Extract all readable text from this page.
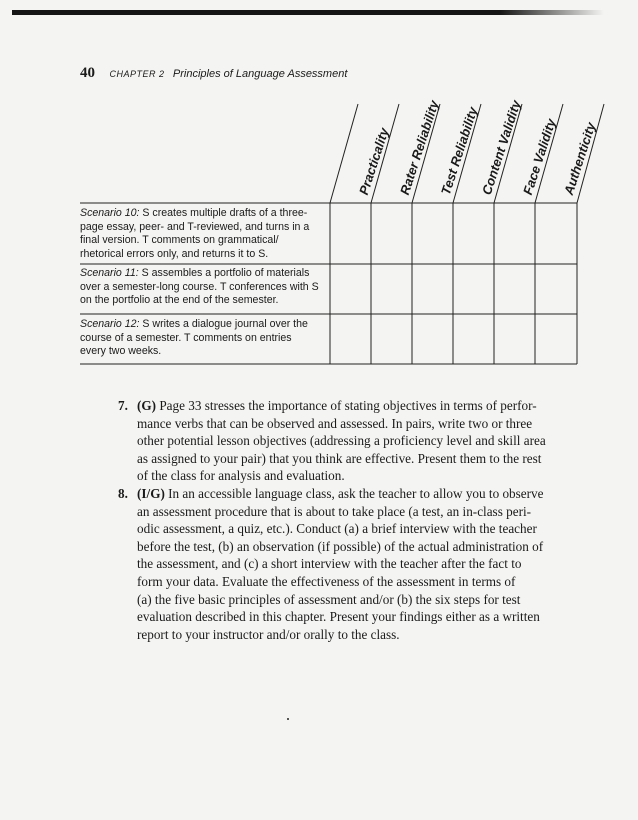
40 CHAPTER 2 Principles of Language Assessment
Practicality Rater Reliability
Test Reliability
Content Validity
Face Validity Authenticity
Scenario 10: S creates multiple drafts of a three-
page essay, peer- and T-reviewed, and turns in a
final version. T comments on grammatical/
rhetorical errors only, and returns it to S.
Scenario 11: S assembles a portfolio of materials
over a semester-long course. T conferences with S
on the portfolio at the end of the semester.
Scenario 12: S writes a dialogue journal over the
course of a semester. T comments on entries
every two weeks.
7. (G) Page 33 stresses the importance of stating objectives in terms of perfor-

mance verbs that can be observed and assessed. In pairs, write two or three

other potential lesson objectives (addressing a proficiency level and skill area

as assigned to your pair) that you think are effective. Present them to the rest

of the class for analysis and evaluation.

8. (I/G) In an accessible language class, ask the teacher to allow you to observe

an assessment procedure that is about to take place (a test, an in-class peri-

odic assessment, a quiz, etc.). Conduct (a) a brief interview with the teacher

before the test, (b) an observation (if possible) of the actual administration of

the assessment, and (c) a short interview with the teacher after the fact to

form your data. Evaluate the effectiveness of the assessment in terms of

(a) the five basic principles of assessment and/or (b) the six steps for test

evaluation described in this chapter. Present your findings either as a written

report to your instructor and/or orally to the class.
